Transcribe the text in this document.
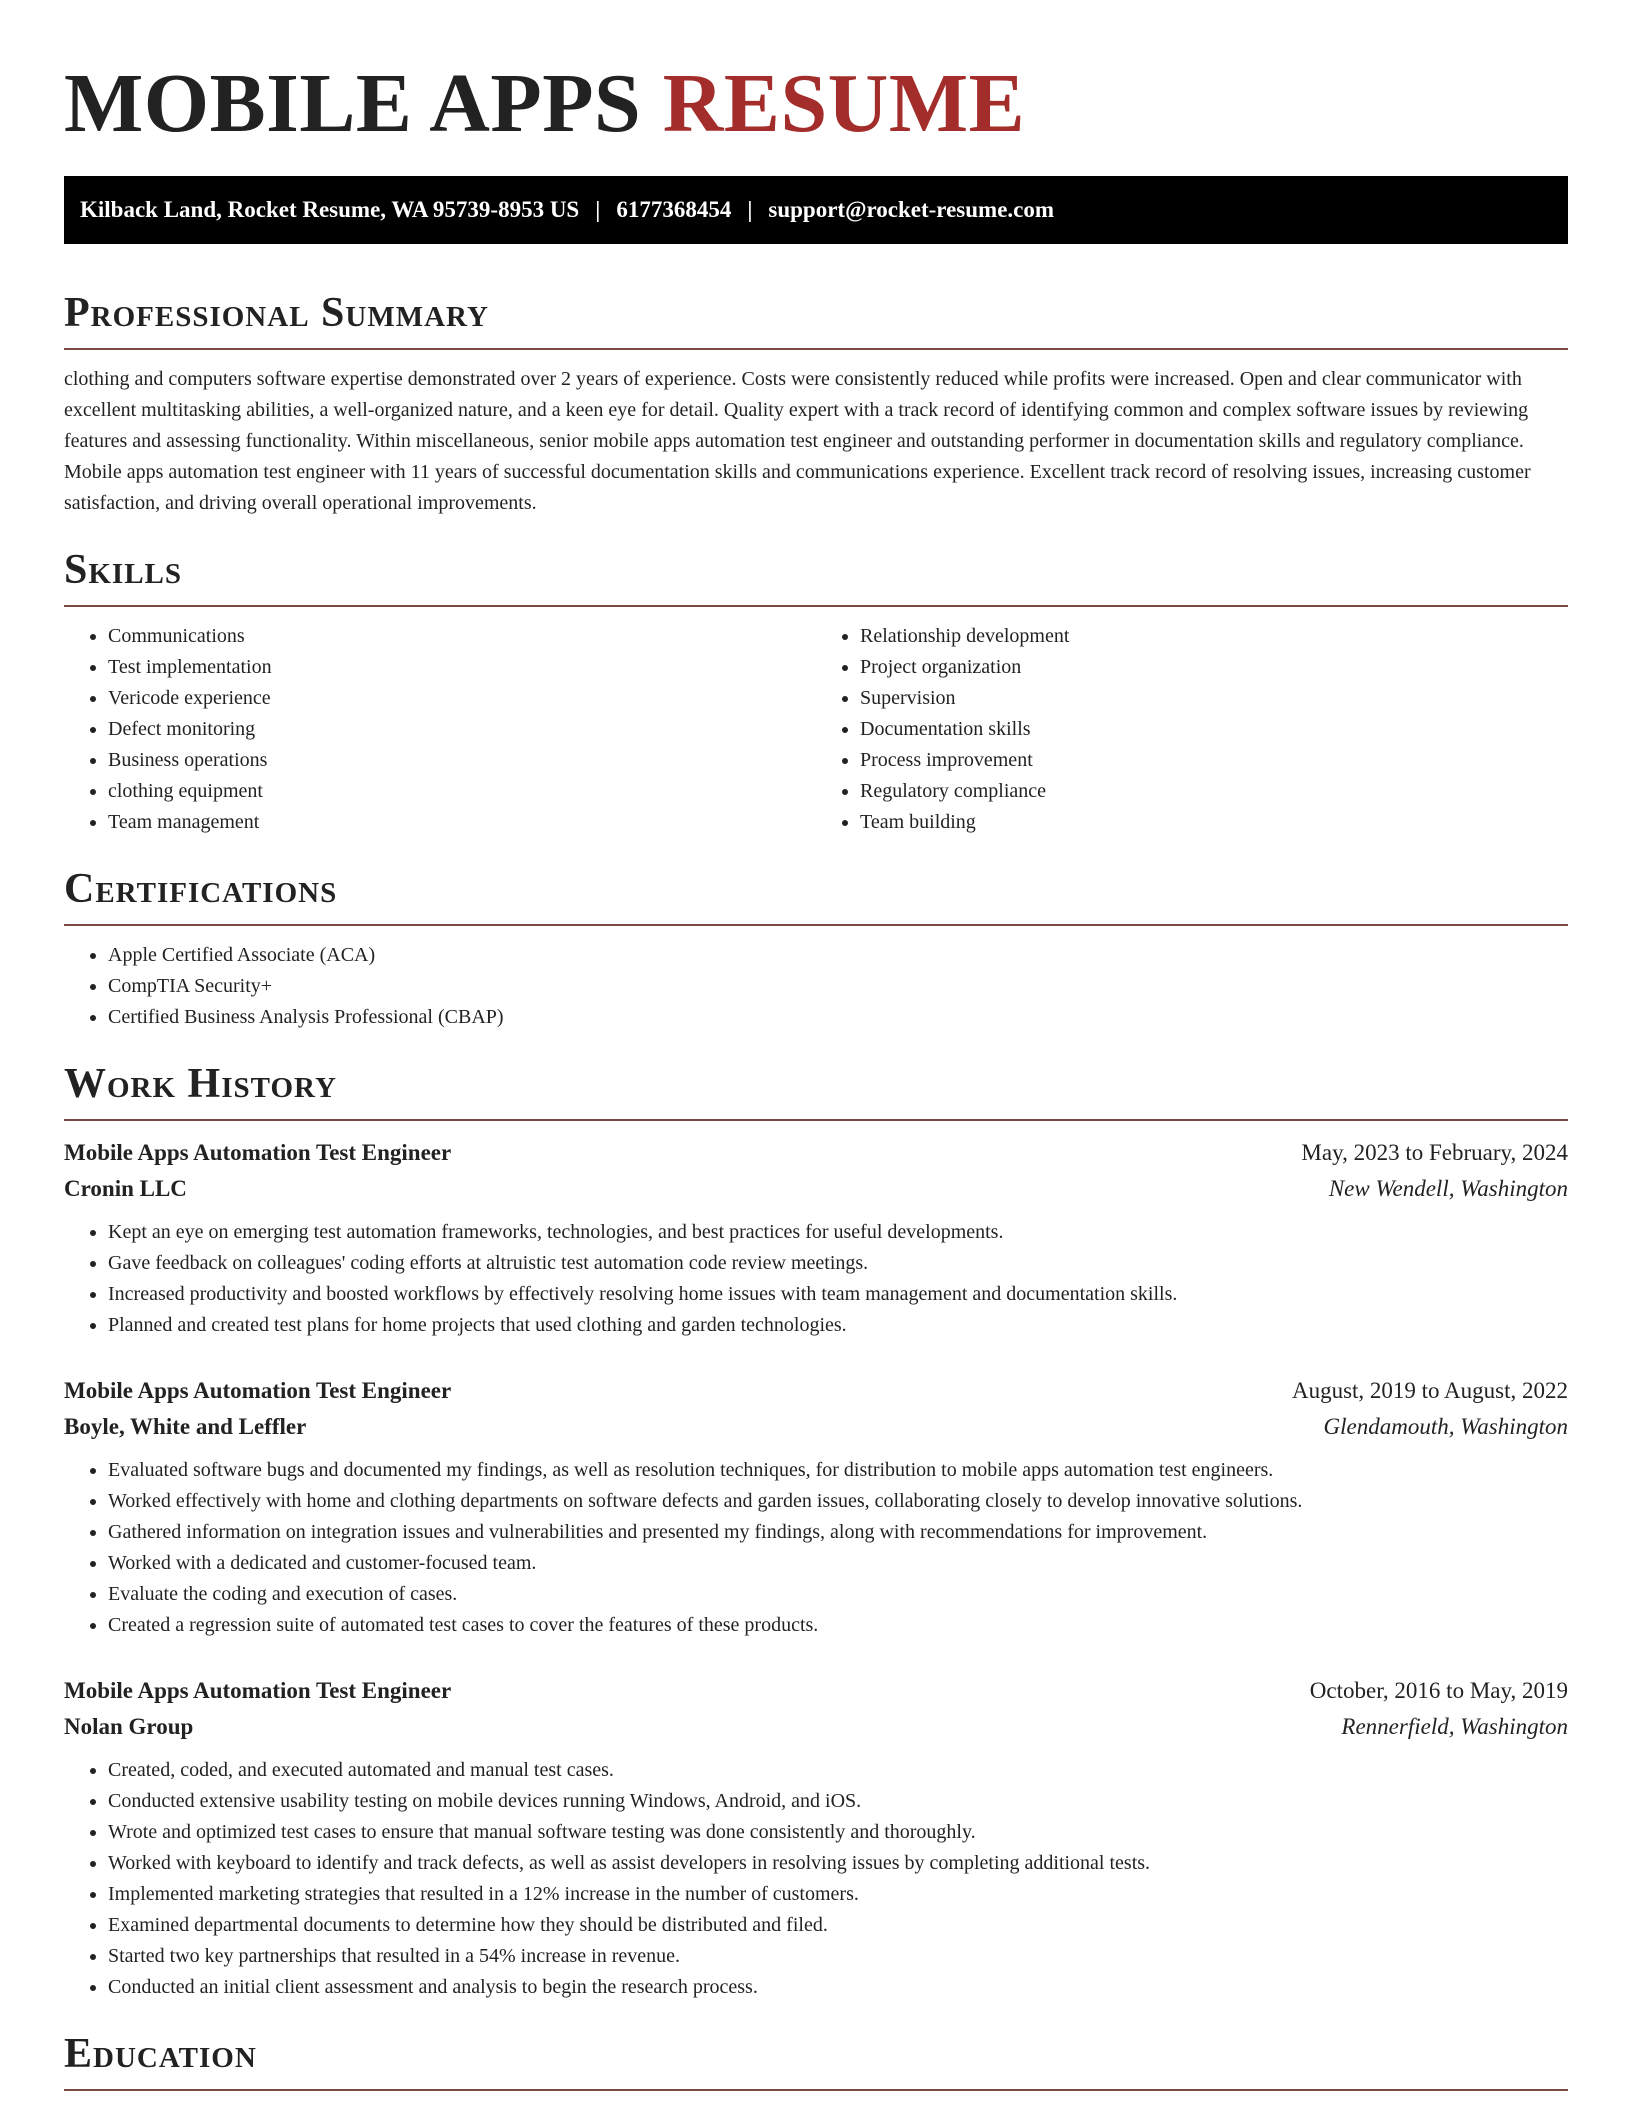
MOBILE APPS RESUME
Kilback Land, Rocket Resume, WA 95739-8953 US | 6177368454 | support@rocket-resume.com
Professional Summary

clothing and computers software expertise demonstrated over 2 years of experience. Costs were consistently reduced while profits were increased. Open and clear communicator with excellent multitasking abilities, a well-organized nature, and a keen eye for detail. Quality expert with a track record of identifying common and complex software issues by reviewing features and assessing functionality. Within miscellaneous, senior mobile apps automation test engineer and outstanding performer in documentation skills and regulatory compliance. Mobile apps automation test engineer with 11 years of successful documentation skills and communications experience. Excellent track record of resolving issues, increasing customer satisfaction, and driving overall operational improvements.

Skills
• Communications
• Test implementation
• Vericode experience
• Defect monitoring
• Business operations
• clothing equipment
• Team management
• Relationship development
• Project organization
• Supervision
• Documentation skills
• Process improvement
• Regulatory compliance
• Team building
Certifications
• Apple Certified Associate (ACA)
• CompTIA Security+
• Certified Business Analysis Professional (CBAP)
Work History
Mobile Apps Automation Test Engineer	May, 2023 to February, 2024
Cronin LLC	New Wendell, Washington
• Kept an eye on emerging test automation frameworks, technologies, and best practices for useful developments.
• Gave feedback on colleagues' coding efforts at altruistic test automation code review meetings.
• Increased productivity and boosted workflows by effectively resolving home issues with team management and documentation skills.
• Planned and created test plans for home projects that used clothing and garden technologies.
Mobile Apps Automation Test Engineer	August, 2019 to August, 2022
Boyle, White and Leffler	Glendamouth, Washington
• Evaluated software bugs and documented my findings, as well as resolution techniques, for distribution to mobile apps automation test engineers.
• Worked effectively with home and clothing departments on software defects and garden issues, collaborating closely to develop innovative solutions.
• Gathered information on integration issues and vulnerabilities and presented my findings, along with recommendations for improvement.
• Worked with a dedicated and customer-focused team.
• Evaluate the coding and execution of cases.
• Created a regression suite of automated test cases to cover the features of these products.
Mobile Apps Automation Test Engineer	October, 2016 to May, 2019
Nolan Group	Rennerfield, Washington
• Created, coded, and executed automated and manual test cases.
• Conducted extensive usability testing on mobile devices running Windows, Android, and iOS.
• Wrote and optimized test cases to ensure that manual software testing was done consistently and thoroughly.
• Worked with keyboard to identify and track defects, as well as assist developers in resolving issues by completing additional tests.
• Implemented marketing strategies that resulted in a 12% increase in the number of customers.
• Examined departmental documents to determine how they should be distributed and filed.
• Started two key partnerships that resulted in a 54% increase in revenue.
• Conducted an initial client assessment and analysis to begin the research process.
Education
